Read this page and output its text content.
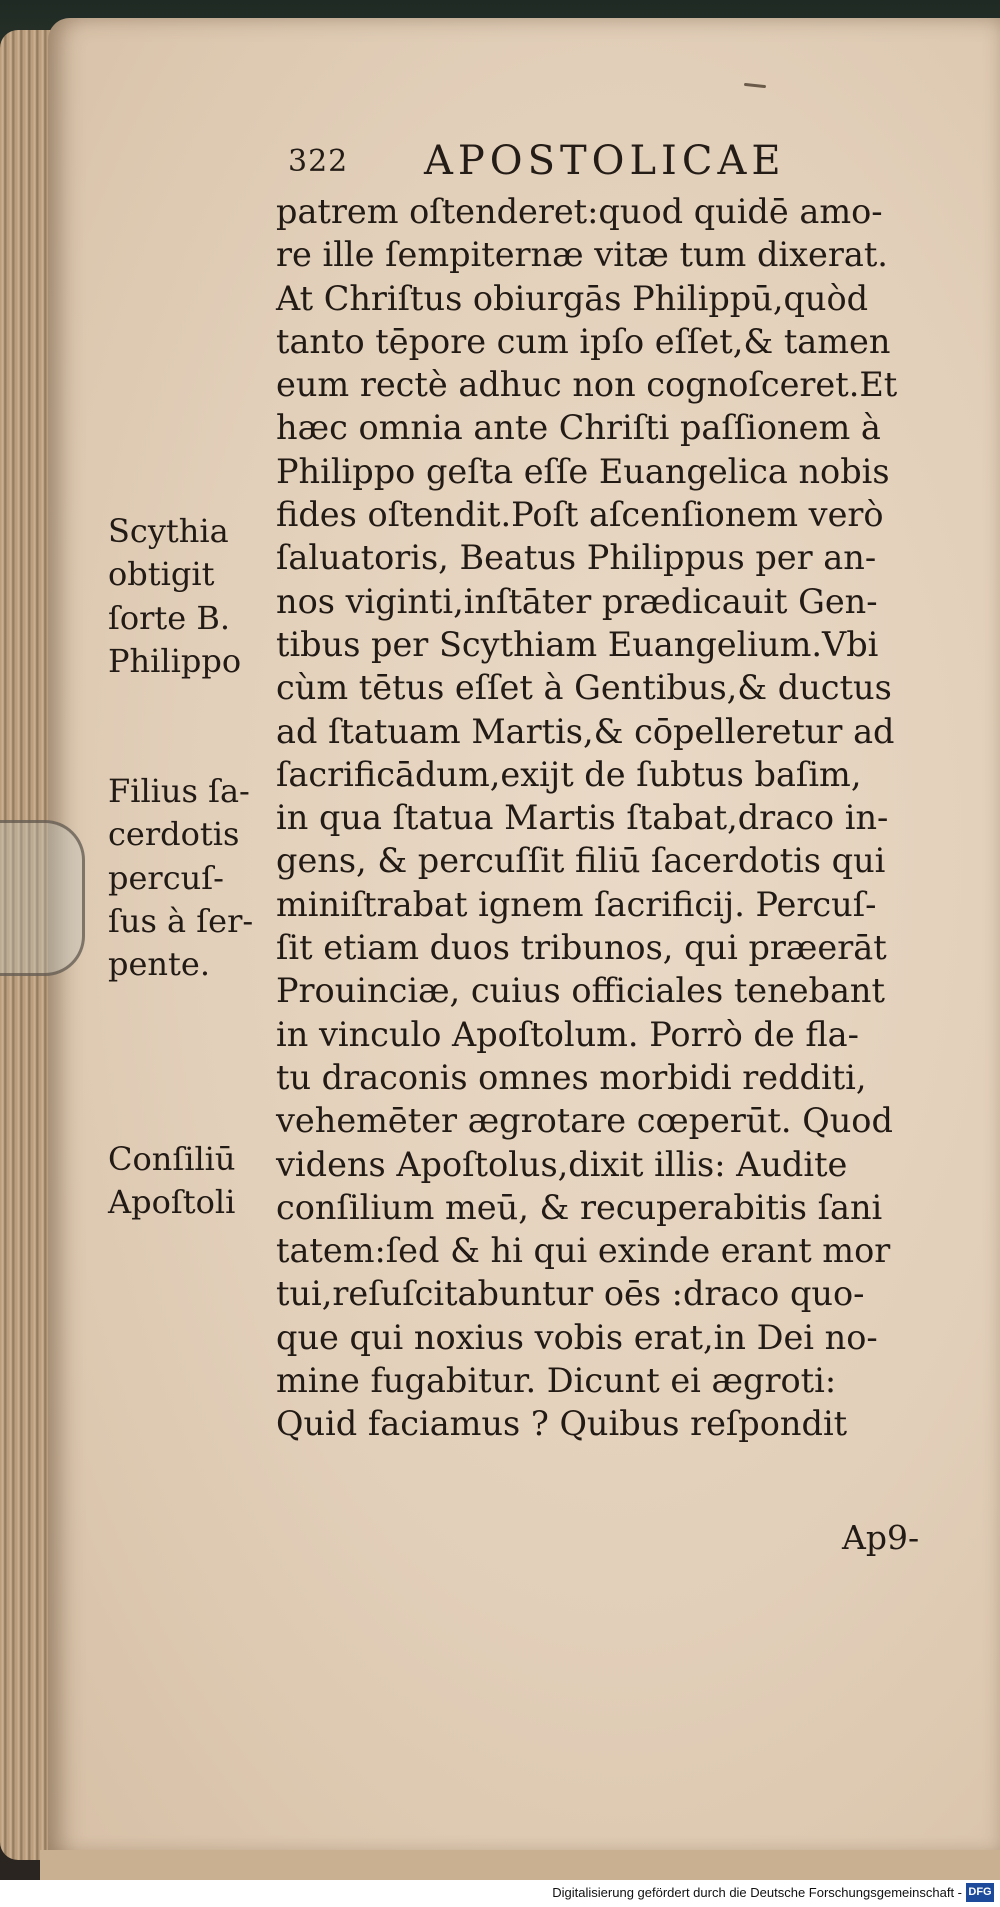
322 APOSTOLICAE
patrem oſtenderet:quod quidē amo-
re ille ſempiternæ vitæ tum dixerat.
At Chriſtus obiurgās Philippū,quòd
tanto tēpore cum ipſo eſſet,& tamen
eum rectè adhuc non cognoſceret.Et
hæc omnia ante Chriſti paſſionem à
Philippo geſta eſſe Euangelica nobis
fides oſtendit.Poſt aſcenſionem verò
ſaluatoris, Beatus Philippus per an-
nos viginti,inſtāter prædicauit Gen-
tibus per Scythiam Euangelium.Vbi
cùm tētus eſſet à Gentibus,& ductus
ad ſtatuam Martis,& cōpelleretur ad
ſacrificādum,exijt de ſubtus baſim,
in qua ſtatua Martis ſtabat,draco in-
gens, & percuſſit filiū ſacerdotis qui
miniſtrabat ignem ſacrificij. Percuſ-
ſit etiam duos tribunos, qui præerāt
Prouinciæ, cuius officiales tenebant
in vinculo Apoſtolum. Porrò de fla-
tu draconis omnes morbidi redditi,
vehemēter ægrotare cœperūt. Quod
videns Apoſtolus,dixit illis: Audite
conſilium meū, & recuperabitis ſani
tatem:ſed & hi qui exinde erant mor
tui,reſuſcitabuntur oēs :draco quo-
que qui noxius vobis erat,in Dei no-
mine fugabitur. Dicunt ei ægroti:
Quid faciamus ? Quibus reſpondit
Scythia
obtigit
ſorte B.
Philippo
Filius ſa-
cerdotis
percuſ-
ſus à ſer-
pente.
Conſiliū
Apoſtoli
Ap9-
Digitalisierung gefördert durch die Deutsche Forschungsgemeinschaft - DFG
